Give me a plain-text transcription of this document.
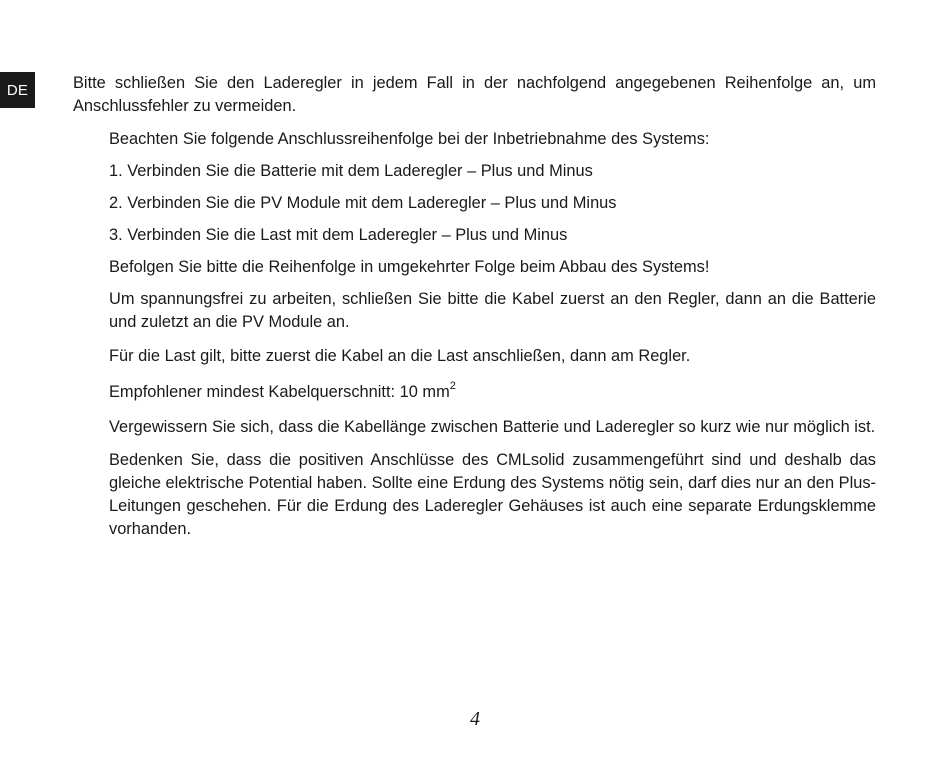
DE	Bitte schließen Sie den Laderegler in jedem Fall in der nachfolgend angegebenen Reihenfolge an, um Anschlussfehler zu vermeiden.

Beachten Sie folgende Anschlussreihenfolge bei der Inbetriebnahme des Systems:

1. Verbinden Sie die Batterie mit dem Laderegler – Plus und Minus

2. Verbinden Sie die PV Module mit dem Laderegler – Plus und Minus

3. Verbinden Sie die Last mit dem Laderegler – Plus und Minus

Befolgen Sie bitte die Reihenfolge in umgekehrter Folge beim Abbau des Systems!

Um spannungsfrei zu arbeiten, schließen Sie bitte die Kabel zuerst an den Regler, dann an die Batterie und zuletzt an die PV Module an.

Für die Last gilt, bitte zuerst die Kabel an die Last anschließen, dann am Regler.

Empfohlener mindest Kabelquerschnitt: 10 $mm^2$

Vergewissern Sie sich, dass die Kabellänge zwischen Batterie und Laderegler so kurz wie nur möglich ist.

Bedenken Sie, dass die positiven Anschlüsse des CMLsolid zusammengeführt sind und deshalb das gleiche elektrische Potential haben. Sollte eine Erdung des Systems nötig sein, darf dies nur an den Plus-Leitungen geschehen. Für die Erdung des Laderegler Gehäuses ist auch eine separate Erdungsklemme vorhanden.

4
